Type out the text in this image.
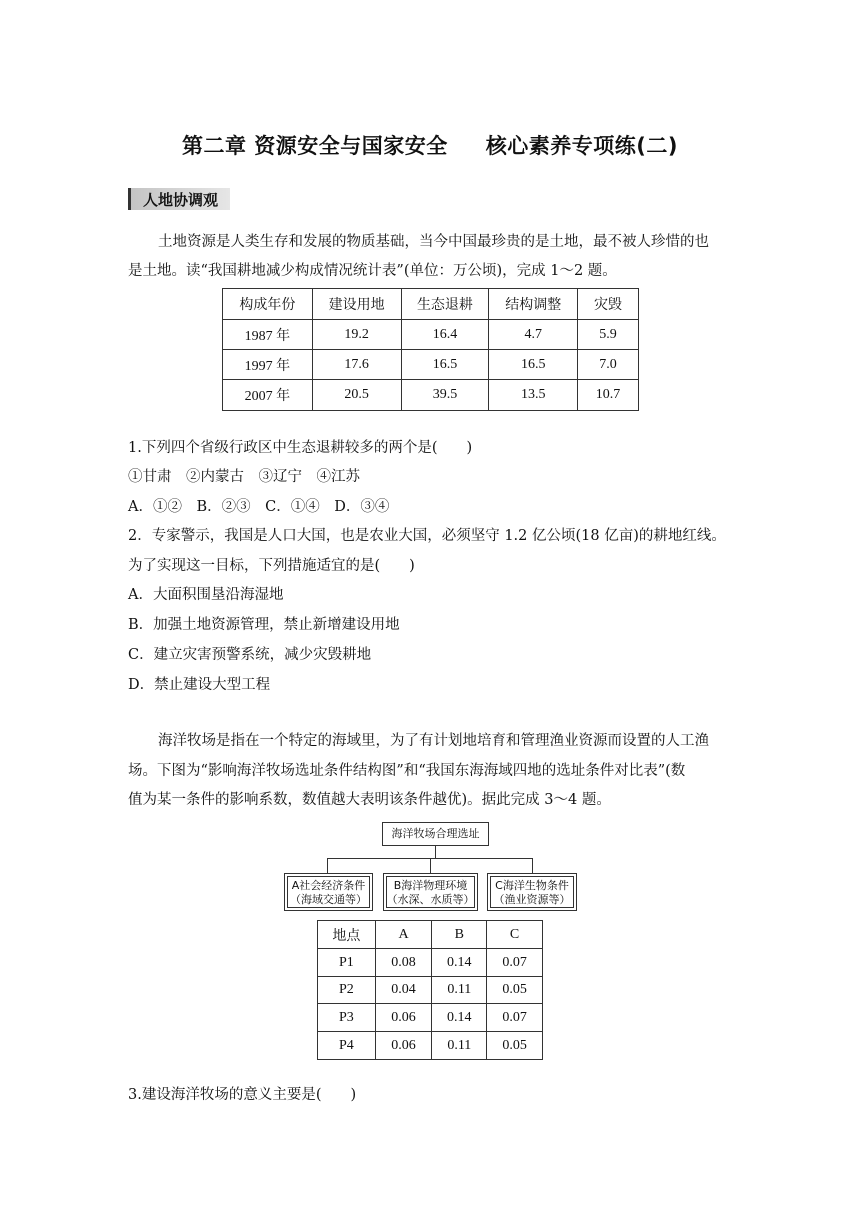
第二章 资源安全与国家安全 核心素养专项练(二)
人地协调观
土地资源是人类生存和发展的物质基础，当今中国最珍贵的是土地，最不被人珍惜的也
是土地。读“我国耕地减少构成情况统计表”(单位：万公顷)，完成 1～2 题。
构成年份	建设用地	生态退耕	结构调整	灾毁
1987 年	19.2	16.4	4.7	5.9
1997 年	17.6	16.5	16.5	7.0
2007 年	20.5	39.5	13.5	10.7
1.下列四个省级行政区中生态退耕较多的两个是(　　)
①甘肃　②内蒙古　③辽宁　④江苏
A．①②　B．②③　C．①④　D．③④
2．专家警示，我国是人口大国，也是农业大国，必须坚守 1.2 亿公顷(18 亿亩)的耕地红线。
为了实现这一目标，下列措施适宜的是(　　)
A．大面积围垦沿海湿地
B．加强土地资源管理，禁止新增建设用地
C．建立灾害预警系统，减少灾毁耕地
D．禁止建设大型工程
海洋牧场是指在一个特定的海域里，为了有计划地培育和管理渔业资源而设置的人工渔
场。下图为“影响海洋牧场选址条件结构图”和“我国东海海域四地的选址条件对比表”(数
值为某一条件的影响系数，数值越大表明该条件越优)。据此完成 3～4 题。
海洋牧场合理选址
A社会经济条件
（海域交通等）
B海洋物理环境
（水深、水质等）
C海洋生物条件
（渔业资源等）
地点	A	B	C
P1	0.08	0.14	0.07
P2	0.04	0.11	0.05
P3	0.06	0.14	0.07
P4	0.06	0.11	0.05
3.建设海洋牧场的意义主要是(　　)
